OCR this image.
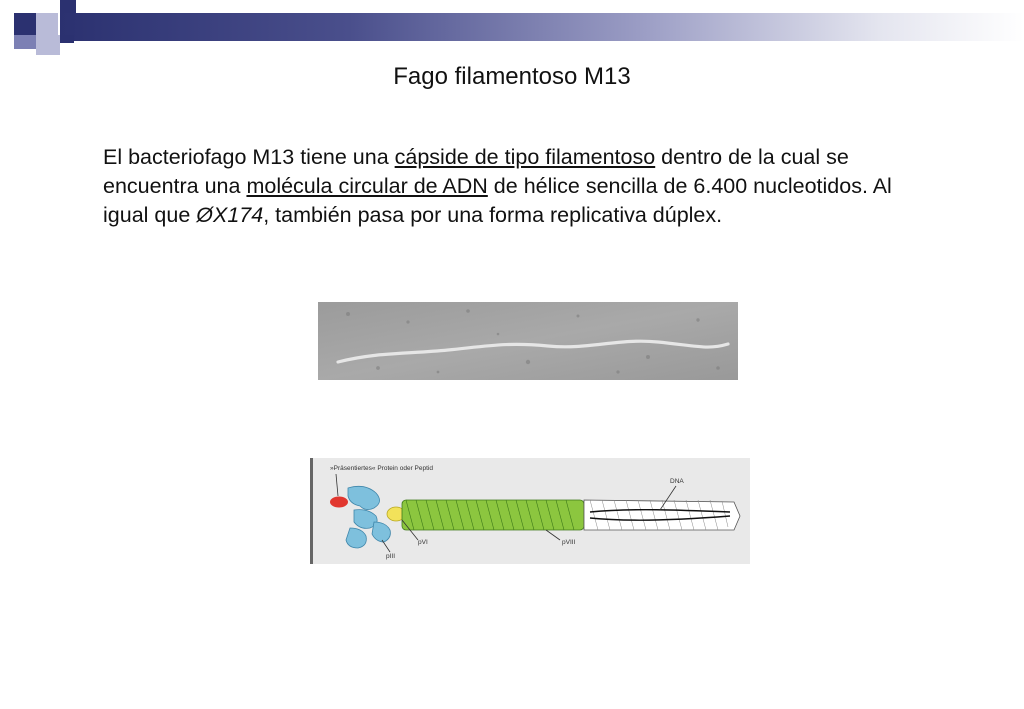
Fago filamentoso M13
El bacteriofago M13 tiene una cápside de tipo filamentoso dentro de la cual se encuentra una molécula circular de ADN de hélice sencilla de 6.400 nucleotidos. Al igual que ØX174, también pasa por una forma replicativa dúplex.
»Präsentiertes« Protein oder Peptid
DNA
pVI	pVIII
pIII
